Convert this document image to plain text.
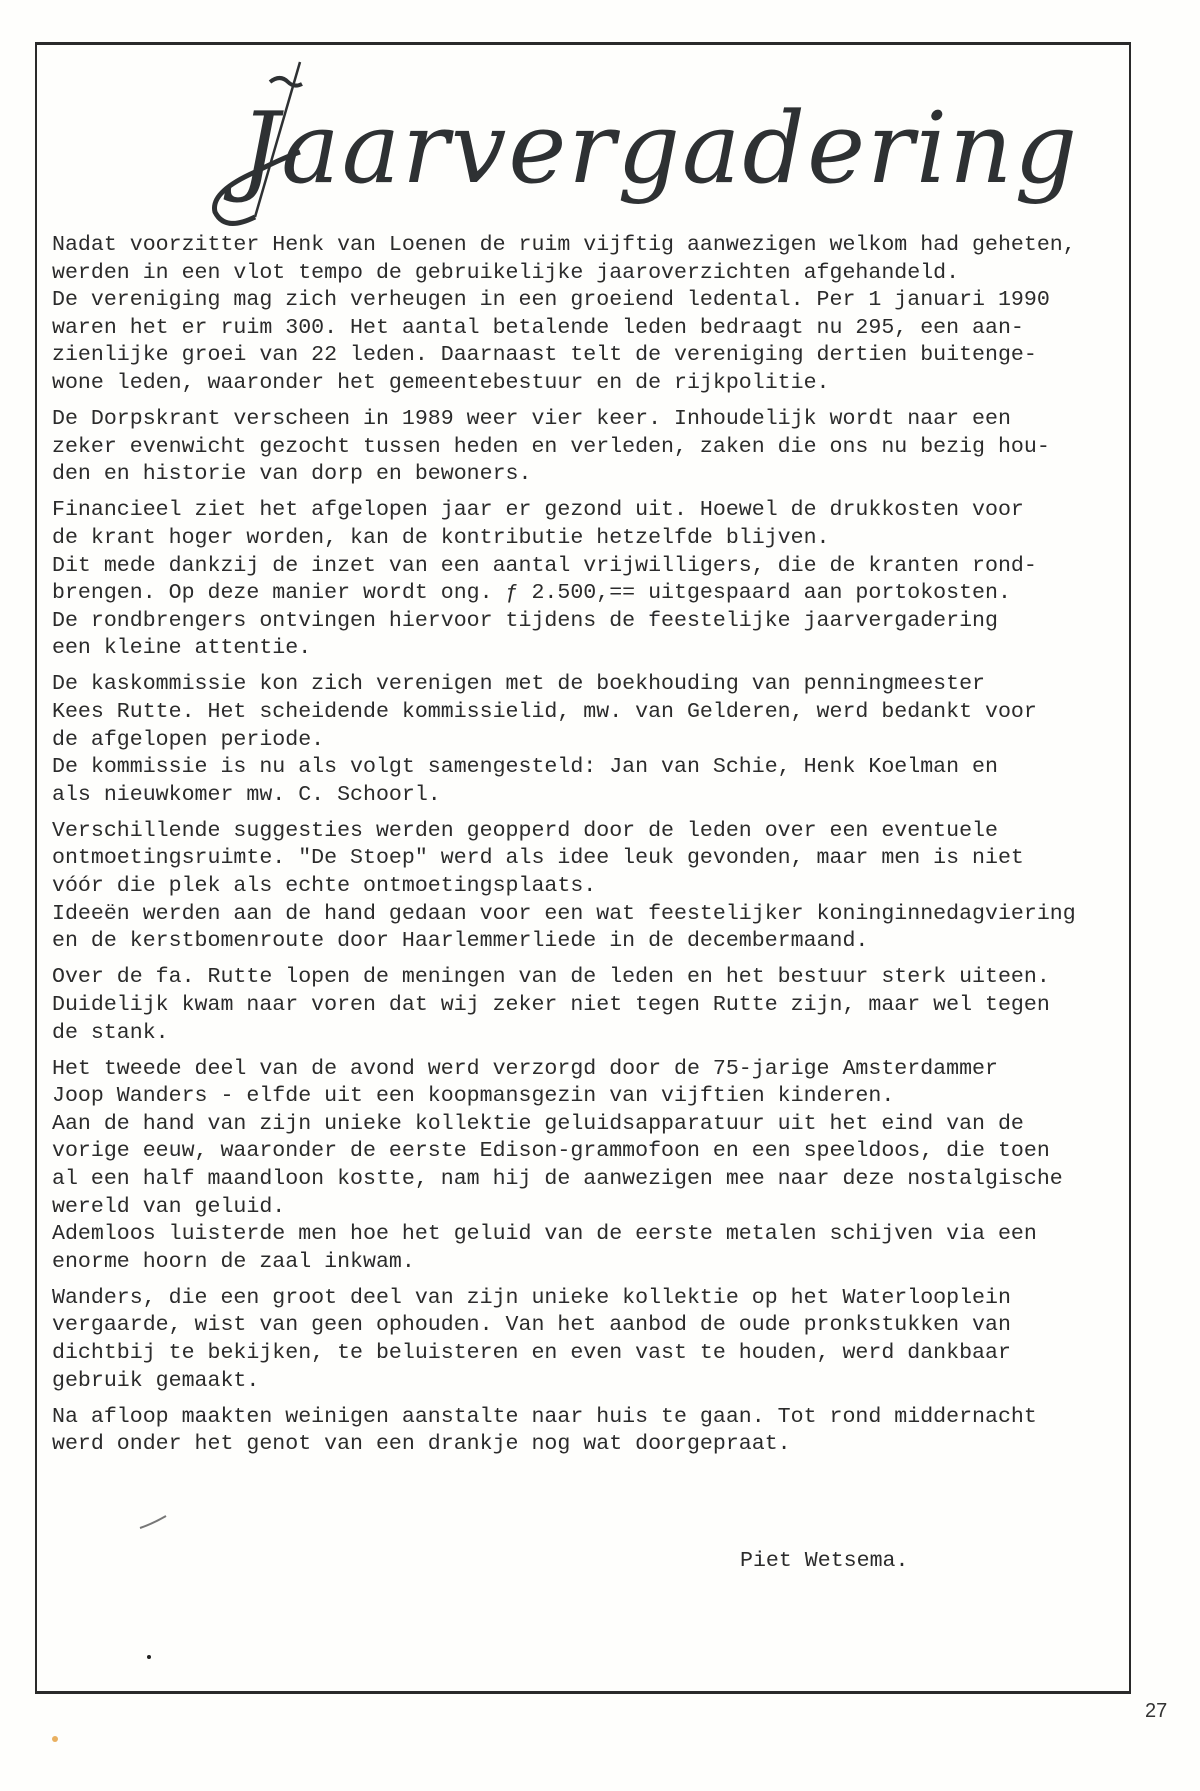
Jaarvergadering
Nadat voorzitter Henk van Loenen de ruim vijftig aanwezigen welkom had geheten,
werden in een vlot tempo de gebruikelijke jaaroverzichten afgehandeld.
De vereniging mag zich verheugen in een groeiend ledental. Per 1 januari 1990
waren het er ruim 300. Het aantal betalende leden bedraagt nu 295, een aan-
zienlijke groei van 22 leden. Daarnaast telt de vereniging dertien buitenge-
wone leden, waaronder het gemeentebestuur en de rijkpolitie.
De Dorpskrant verscheen in 1989 weer vier keer. Inhoudelijk wordt naar een
zeker evenwicht gezocht tussen heden en verleden, zaken die ons nu bezig hou-
den en historie van dorp en bewoners.
Financieel ziet het afgelopen jaar er gezond uit. Hoewel de drukkosten voor
de krant hoger worden, kan de kontributie hetzelfde blijven.
Dit mede dankzij de inzet van een aantal vrijwilligers, die de kranten rond-
brengen. Op deze manier wordt ong. ƒ 2.500,== uitgespaard aan portokosten.
De rondbrengers ontvingen hiervoor tijdens de feestelijke jaarvergadering
een kleine attentie.
De kaskommissie kon zich verenigen met de boekhouding van penningmeester
Kees Rutte. Het scheidende kommissielid, mw. van Gelderen, werd bedankt voor
de afgelopen periode.
De kommissie is nu als volgt samengesteld: Jan van Schie, Henk Koelman en
als nieuwkomer mw. C. Schoorl.
Verschillende suggesties werden geopperd door de leden over een eventuele
ontmoetingsruimte. "De Stoep" werd als idee leuk gevonden, maar men is niet
vóór die plek als echte ontmoetingsplaats.
Ideeën werden aan de hand gedaan voor een wat feestelijker koninginnedagviering
en de kerstbomenroute door Haarlemmerliede in de decembermaand.
Over de fa. Rutte lopen de meningen van de leden en het bestuur sterk uiteen.
Duidelijk kwam naar voren dat wij zeker niet tegen Rutte zijn, maar wel tegen
de stank.
Het tweede deel van de avond werd verzorgd door de 75-jarige Amsterdammer
Joop Wanders - elfde uit een koopmansgezin van vijftien kinderen.
Aan de hand van zijn unieke kollektie geluidsapparatuur uit het eind van de
vorige eeuw, waaronder de eerste Edison-grammofoon en een speeldoos, die toen
al een half maandloon kostte, nam hij de aanwezigen mee naar deze nostalgische
wereld van geluid.
Ademloos luisterde men hoe het geluid van de eerste metalen schijven via een
enorme hoorn de zaal inkwam.
Wanders, die een groot deel van zijn unieke kollektie op het Waterlooplein
vergaarde, wist van geen ophouden. Van het aanbod de oude pronkstukken van
dichtbij te bekijken, te beluisteren en even vast te houden, werd dankbaar
gebruik gemaakt.
Na afloop maakten weinigen aanstalte naar huis te gaan. Tot rond middernacht
werd onder het genot van een drankje nog wat doorgepraat.
Piet Wetsema.
27
